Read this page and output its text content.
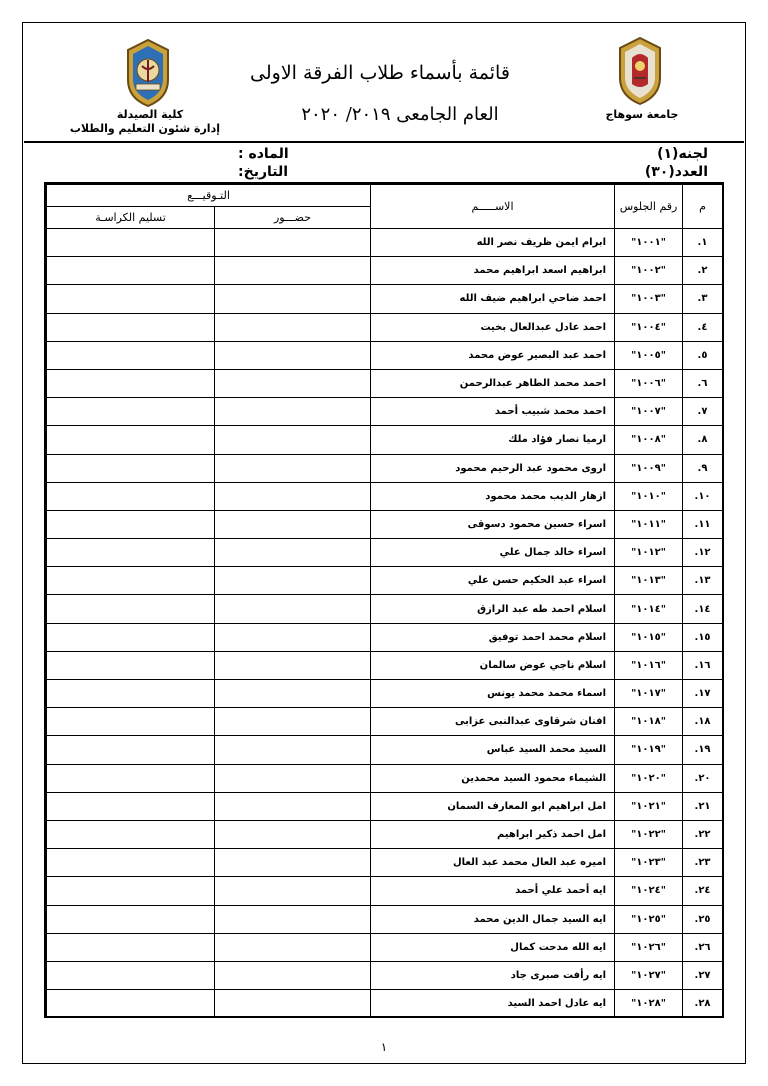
كلية الصيدلة
إدارة شئون التعليم والطلاب
جامعة سوهاج
قائمة بأسماء طلاب الفرقة الاولى
العام الجامعى ٢٠١٩/ ٢٠٢٠
لجنه(١)
العدد(٣٠)
الماده :
التاريخ:
م	رقم الجلوس	الاســـــم	التـوقيـــع	
			حضـــور	تسليم الكراسـة
١.	"١٠٠١"	ابرام ايمن ظريف نصر الله		
٢.	"١٠٠٢"	ابراهيم اسعد ابراهيم محمد		
٣.	"١٠٠٣"	احمد ضاحي ابراهيم ضيف الله		
٤.	"١٠٠٤"	احمد عادل عبدالعال بخيت		
٥.	"١٠٠٥"	احمد عبد البصير عوض محمد		
٦.	"١٠٠٦"	احمد محمد الطاهر عبدالرحمن		
٧.	"١٠٠٧"	احمد محمد شبيب أحمد		
٨.	"١٠٠٨"	ارميا نصار فؤاد ملك		
٩.	"١٠٠٩"	اروى محمود عبد الرحيم محمود		
١٠.	"١٠١٠"	ازهار الديب محمد محمود		
١١.	"١٠١١"	اسراء حسين محمود دسوقى		
١٢.	"١٠١٢"	اسراء خالد جمال علي		
١٣.	"١٠١٣"	اسراء عبد الحكيم حسن علي		
١٤.	"١٠١٤"	اسلام احمد طه عبد الرازق		
١٥.	"١٠١٥"	اسلام محمد احمد توفيق		
١٦.	"١٠١٦"	اسلام ناجي عوض سالمان		
١٧.	"١٠١٧"	اسماء محمد محمد يونس		
١٨.	"١٠١٨"	افنان شرقاوى عبدالنبى عزابى		
١٩.	"١٠١٩"	السيد محمد السيد عباس		
٢٠.	"١٠٢٠"	الشيماء محمود السيد محمدين		
٢١.	"١٠٢١"	امل ابراهيم ابو المعارف السمان		
٢٢.	"١٠٢٢"	امل احمد ذكير ابراهيم		
٢٣.	"١٠٢٣"	اميره عبد العال محمد عبد العال		
٢٤.	"١٠٢٤"	ايه أحمد علي أحمد		
٢٥.	"١٠٢٥"	ايه السيد جمال الدين محمد		
٢٦.	"١٠٢٦"	ايه الله مدحت كمال		
٢٧.	"١٠٢٧"	ايه رأفت صبرى جاد		
٢٨.	"١٠٢٨"	ايه عادل احمد السيد		
١
